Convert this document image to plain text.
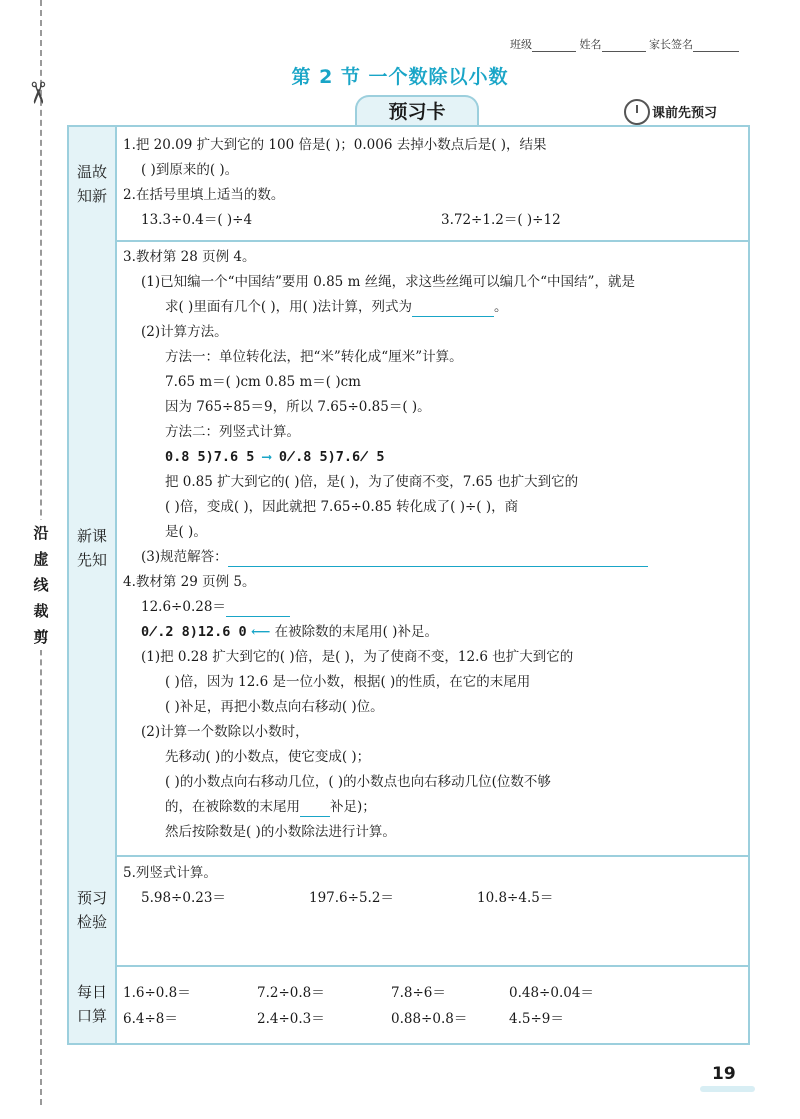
✂
沿虚线裁剪
班级	姓名	家长签名
第 2 节 一个数除以小数
预习卡	课前先预习
温故知新
1.把 20.09 扩大到它的 100 倍是( )；0.006 去掉小数点后是( )，结果
( )到原来的( )。
2.在括号里填上适当的数。
13.3÷0.4＝( )÷4	3.72÷1.2＝( )÷12
新课先知
3.教材第 28 页例 4。
(1)已知编一个“中国结”要用 0.85 m 丝绳，求这些丝绳可以编几个“中国结”，就是
求( )里面有几个( )，用( )法计算，列式为	。
(2)计算方法。
方法一：单位转化法，把“米”转化成“厘米”计算。
7.65 m＝( )cm 0.85 m＝( )cm
因为 765÷85＝9，所以 7.65÷0.85＝( )。
方法二：列竖式计算。
0.8 5)7.6 5 ⟶ 0̸.8 5)7.6̸ 5
把 0.85 扩大到它的( )倍，是( )，为了使商不变，7.65 也扩大到它的
( )倍，变成( )，因此就把 7.65÷0.85 转化成了( )÷( )，商
是( )。
(3)规范解答：
4.教材第 29 页例 5。
12.6÷0.28＝
0̸.2 8)12.6 0 ⟵ 在被除数的末尾用( )补足。
(1)把 0.28 扩大到它的( )倍，是( )，为了使商不变，12.6 也扩大到它的
( )倍，因为 12.6 是一位小数，根据( )的性质，在它的末尾用
( )补足，再把小数点向右移动( )位。
(2)计算一个数除以小数时，
先移动( )的小数点，使它变成( )；
( )的小数点向右移动几位，( )的小数点也向右移动几位(位数不够
的，在被除数的末尾用 补足)；
然后按除数是( )的小数除法进行计算。
预习检验
5.列竖式计算。
5.98÷0.23＝	197.6÷5.2＝	10.8÷4.5＝
每日口算
1.6÷0.8＝	7.2÷0.8＝	7.8÷6＝	0.48÷0.04＝
6.4÷8＝	2.4÷0.3＝	0.88÷0.8＝	4.5÷9＝
19
